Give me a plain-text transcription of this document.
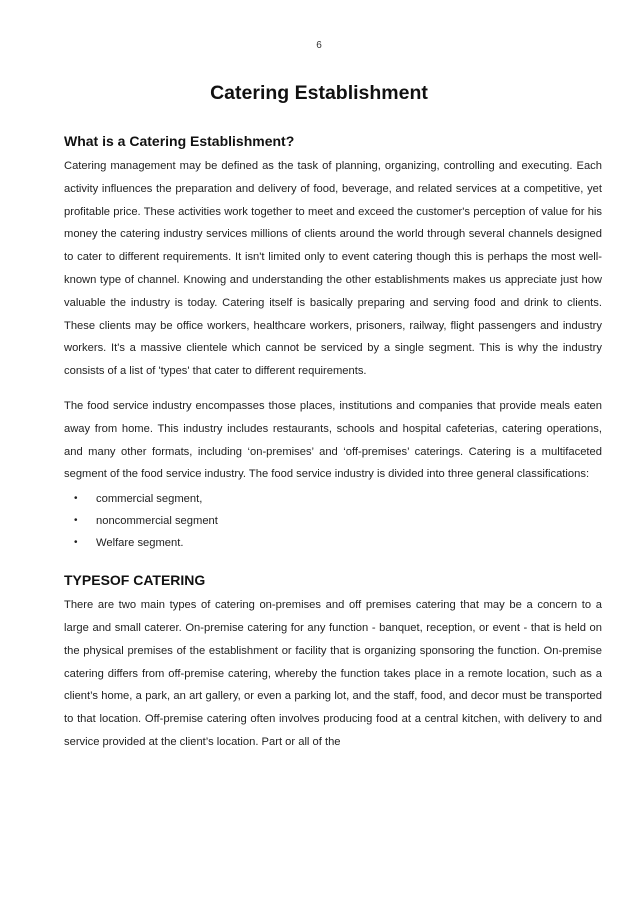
6
Catering Establishment
What is a Catering Establishment?

Catering management may be defined as the task of planning, organizing, controlling and executing. Each activity influences the preparation and delivery of food, beverage, and related services at a competitive, yet profitable price. These activities work together to meet and exceed the customer's perception of value for his money the catering industry services millions of clients around the world through several channels designed to cater to different requirements. It isn't limited only to event catering though this is perhaps the most well-known type of channel. Knowing and understanding the other establishments makes us appreciate just how valuable the industry is today. Catering itself is basically preparing and serving food and drink to clients. These clients may be office workers, healthcare workers, prisoners, railway, flight passengers and industry workers. It's a massive clientele which cannot be serviced by a single segment. This is why the industry consists of a list of 'types' that cater to different requirements.

The food service industry encompasses those places, institutions and companies that provide meals eaten away from home. This industry includes restaurants, schools and hospital cafeterias, catering operations, and many other formats, including ‘on-premises’ and ‘off-premises’ caterings. Catering is a multifaceted segment of the food service industry. The food service industry is divided into three general classifications:

• commercial segment,
• noncommercial segment
• Welfare segment.
TYPESOF CATERING

There are two main types of catering on-premises and off premises catering that may be a concern to a large and small caterer. On-premise catering for any function - banquet, reception, or event - that is held on the physical premises of the establishment or facility that is organizing sponsoring the function. On-premise catering differs from off-premise catering, whereby the function takes place in a remote location, such as a client’s home, a park, an art gallery, or even a parking lot, and the staff, food, and decor must be transported to that location. Off-premise catering often involves producing food at a central kitchen, with delivery to and service provided at the client’s location. Part or all of the
